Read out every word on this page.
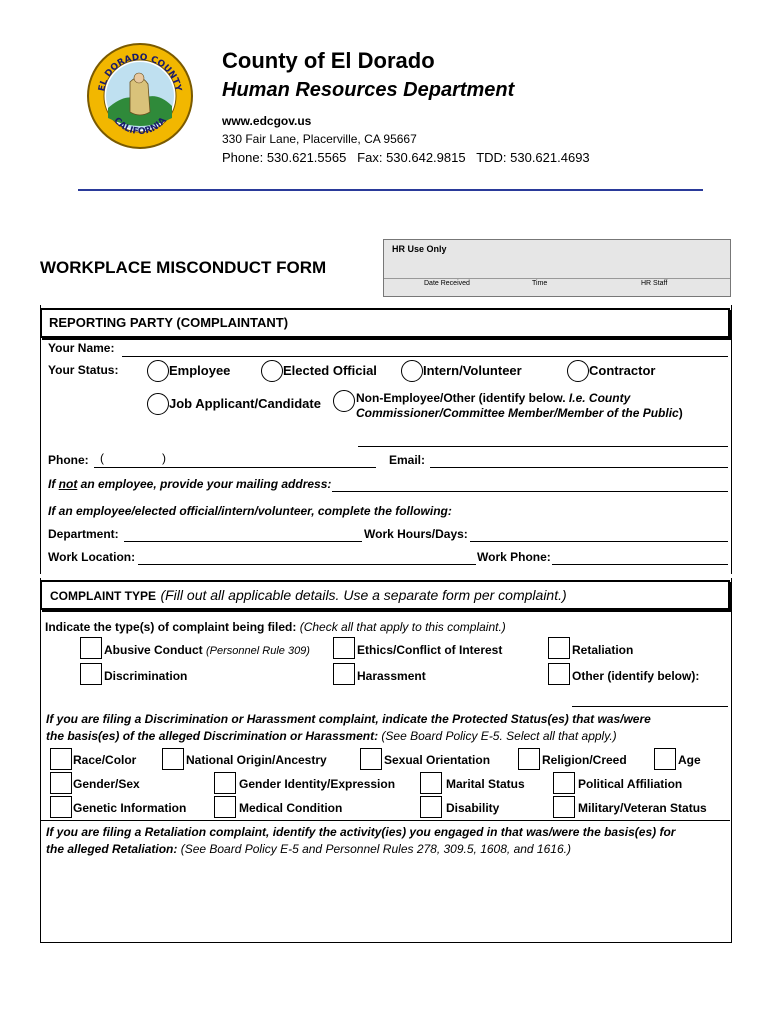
EL DORADO COUNTY
CALIFORNIA
County of El Dorado
Human Resources Department
www.edcgov.us
330 Fair Lane, Placerville, CA 95667
Phone: 530.621.5565   Fax: 530.642.9815   TDD: 530.621.4693
HR Use Only
Date Received	Time	HR Staff
WORKPLACE MISCONDUCT FORM
REPORTING PARTY (COMPLAINTANT)
Your Name:
Your Status:	Employee	Elected Official	Intern/Volunteer	Contractor
Job Applicant/Candidate	Non-Employee/Other (identify below. I.e. County
Commissioner/Committee Member/Member of the Public)
Phone: (	)	Email:
If not an employee, provide your mailing address:
If an employee/elected official/intern/volunteer, complete the following:
Department:	Work Hours/Days:
Work Location:	Work Phone:
COMPLAINT TYPE (Fill out all applicable details. Use a separate form per complaint.)
Indicate the type(s) of complaint being filed: (Check all that apply to this complaint.)
Abusive Conduct (Personnel Rule 309)	Ethics/Conflict of Interest	Retaliation
Discrimination	Harassment	Other (identify below):
If you are filing a Discrimination or Harassment complaint, indicate the Protected Status(es) that was/were
the basis(es) of the alleged Discrimination or Harassment: (See Board Policy E-5. Select all that apply.)
Race/Color	National Origin/Ancestry	Sexual Orientation	Religion/Creed	Age
Gender/Sex	Gender Identity/Expression	Marital Status	Political Affiliation
Genetic Information	Medical Condition	Disability	Military/Veteran Status
If you are filing a Retaliation complaint, identify the activity(ies) you engaged in that was/were the basis(es) for
the alleged Retaliation: (See Board Policy E-5 and Personnel Rules 278, 309.5, 1608, and 1616.)
